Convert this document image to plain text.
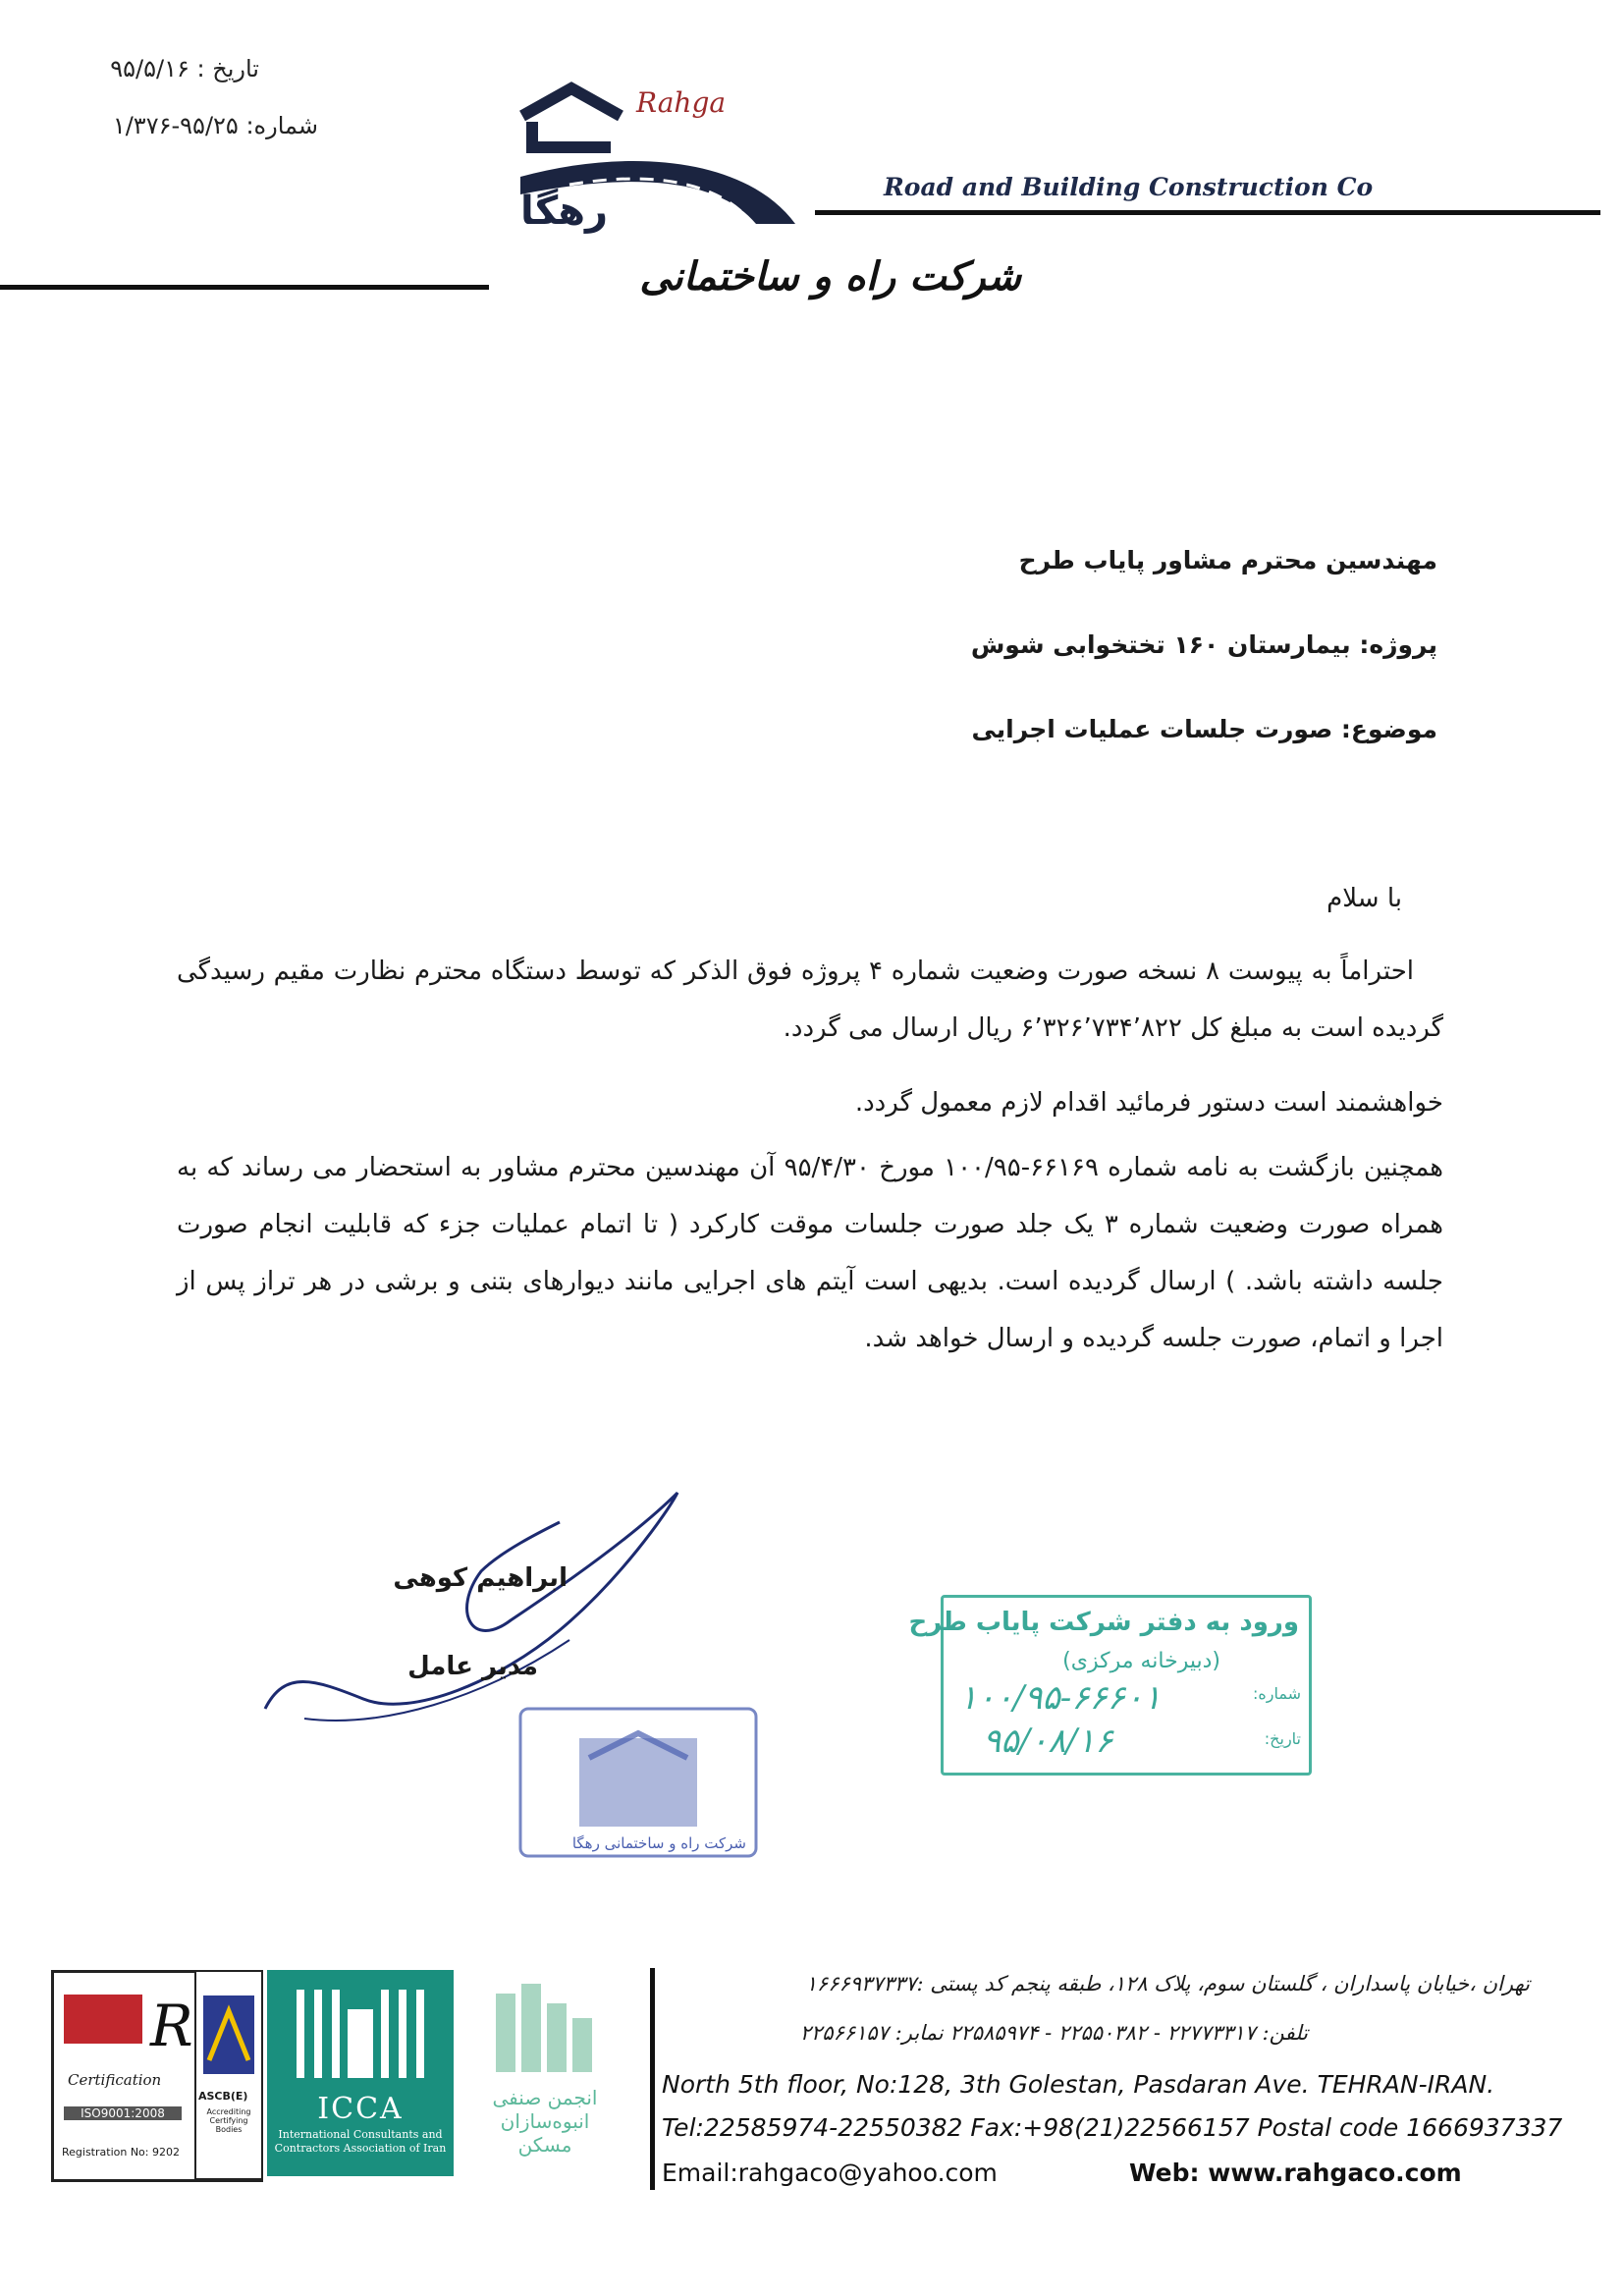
تاریخ : ۹۵/۵/۱۶
شماره: ۹۵/۲۵-۱/۳۷۶
Rahga
رهگا
Road and Building Construction Co
شرکت راه و ساختمانی
مهندسین محترم مشاور پایاب طرح
پروژه: بیمارستان ۱۶۰ تختخوابی شوش
موضوع: صورت جلسات عملیات اجرایی
با سلام
احتراماً به پیوست ۸ نسخه صورت وضعیت شماره ۴ پروژه فوق الذکر که توسط دستگاه محترم نظارت مقیم رسیدگی گردیده است به مبلغ کل ۶٬۳۲۶٬۷۳۴٬۸۲۲ ریال ارسال می گردد.
خواهشمند است دستور فرمائید اقدام لازم معمول گردد.
همچنین بازگشت به نامه شماره ۶۶۱۶۹-۱۰۰/۹۵ مورخ ۹۵/۴/۳۰ آن مهندسین محترم مشاور به استحضار می رساند که به همراه صورت وضعیت شماره ۳ یک جلد صورت جلسات موقت کارکرد ( تا اتمام عملیات جزء که قابلیت انجام صورت جلسه داشته باشد. ) ارسال گردیده است. بدیهی است آیتم های اجرایی مانند دیوارهای بتنی و برشی در هر تراز پس از اجرا و اتمام، صورت جلسه گردیده و ارسال خواهد شد.
ابراهیم کوهی
مدیر عامل
شرکت راه و ساختمانی رهگا
ورود به دفتر شرکت پایاب طرح
(دبیرخانه مرکزی)
شماره:
۱۰۰/۹۵-۶۶۶۰۱
تاریخ:
۹۵/۰۸/۱۶
تهران ،خیابان پاسداران ، گلستان سوم، پلاک ۱۲۸، طبقه پنجم کد پستی :۱۶۶۶۹۳۷۳۳۷
تلفن: ۲۲۷۷۳۳۱۷ - ۲۲۵۵۰۳۸۲ - ۲۲۵۸۵۹۷۴ نمابر: ۲۲۵۶۶۱۵۷
North 5th floor, No:128, 3th Golestan, Pasdaran Ave. TEHRAN-IRAN.
Tel:22585974-22550382 Fax:+98(21)22566157 Postal code 1666937337
Email:rahgaco@yahoo.com	Web: www.rahgaco.com
R
Certification
ISO9001:2008
Registration No: 9202
ASCB(E)
Accrediting Certifying Bodies
ICCA
International Consultants and Contractors Association of Iran
انجمن صنفی
انبوه‌سازان مسکن
